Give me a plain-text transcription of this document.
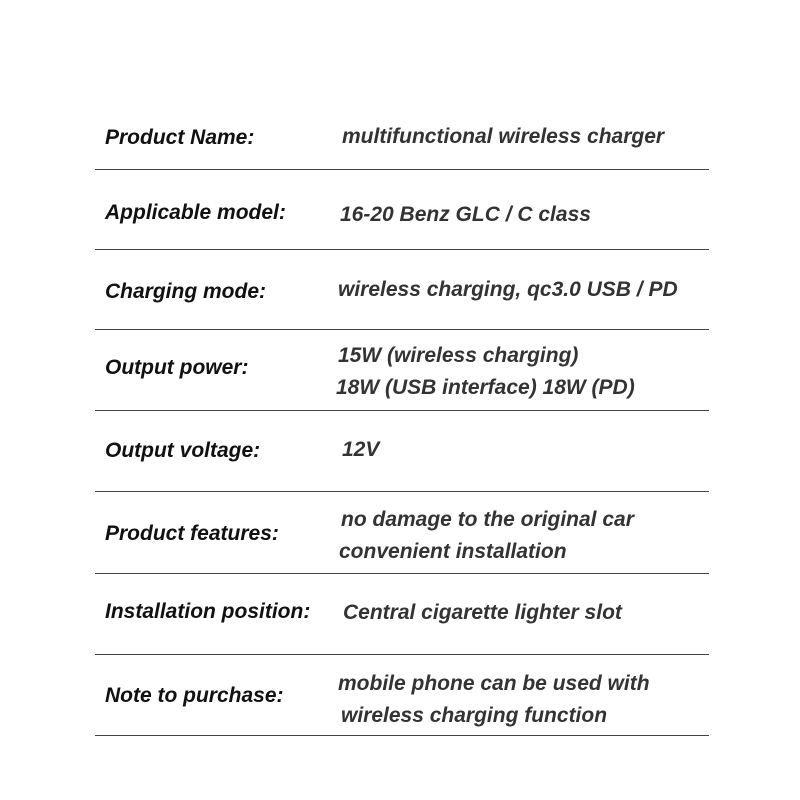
Product Name:	multifunctional wireless charger
Applicable model:	16-20 Benz GLC / C class
Charging mode:	wireless charging, qc3.0 USB / PD
Output power:
15W (wireless charging)
18W (USB interface) 18W (PD)
Output voltage:	12V
Product features:
no damage to the original car
convenient installation
Installation position: Central cigarette lighter slot
Note to purchase:
mobile phone can be used with
wireless charging function
